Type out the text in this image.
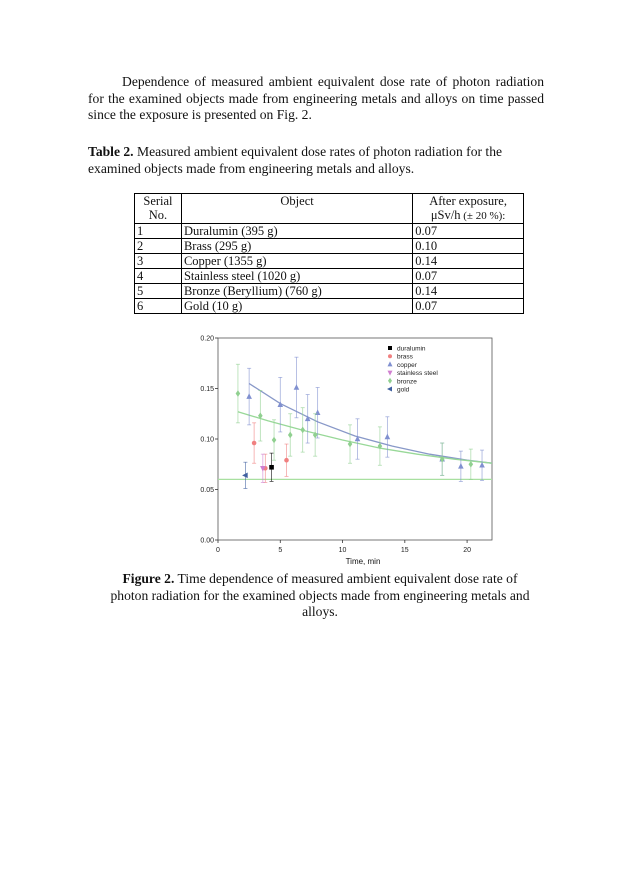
Dependence of measured ambient equivalent dose rate of photon radiation for the examined objects made from engineering metals and alloys on time passed since the exposure is presented on Fig. 2.

Table 2. Measured ambient equivalent dose rates of photon radiation for the examined objects made from engineering metals and alloys.

Serial
No.	Object	After exposure,
μSv/h (± 20 %):
1	Duralumin (395 g)	0.07
2	Brass (295 g)	0.10
3	Copper (1355 g)	0.14
4	Stainless steel (1020 g)	0.07
5	Bronze (Beryllium) (760 g)	0.14
6	Gold (10 g)	0.07
0	5	10	15	20
0.00
0.05
0.10
0.15
0.20
Time, min
duralumin
brass
copper
stainless steel
bronze
gold

Figure 2. Time dependence of measured ambient equivalent dose rate of photon radiation for the examined objects made from engineering metals and alloys.
